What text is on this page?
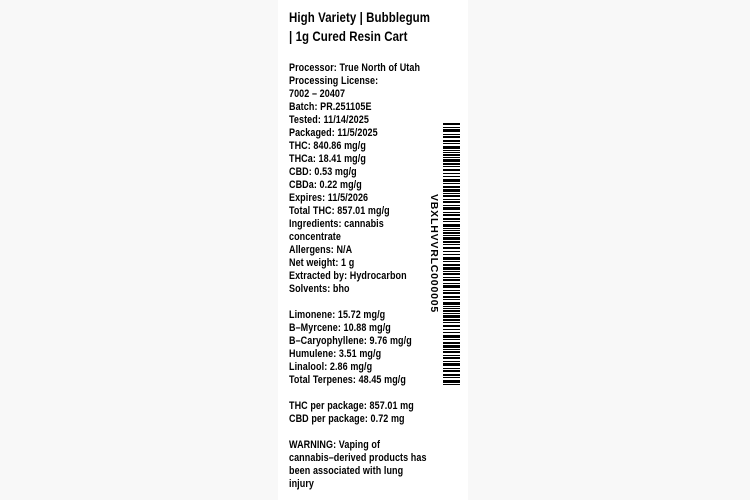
High Variety | Bubblegum
| 1g Cured Resin Cart
Processor: True North of Utah
Processing License:
7002 – 20407
Batch: PR.251105E
Tested: 11/14/2025
Packaged: 11/5/2025
THC: 840.86 mg/g
THCa: 18.41 mg/g
CBD: 0.53 mg/g
CBDa: 0.22 mg/g
Expires: 11/5/2026
Total THC: 857.01 mg/g
Ingredients: cannabis
concentrate
Allergens: N/A
Net weight: 1 g
Extracted by: Hydrocarbon
Solvents: bho
Limonene: 15.72 mg/g
B–Myrcene: 10.88 mg/g
B–Caryophyllene: 9.76 mg/g
Humulene: 3.51 mg/g
Linalool: 2.86 mg/g
Total Terpenes: 48.45 mg/g
THC per package: 857.01 mg
CBD per package: 0.72 mg
WARNING: Vaping of
cannabis–derived products has
been associated with lung
injury
VBXLHVVRLC000005
